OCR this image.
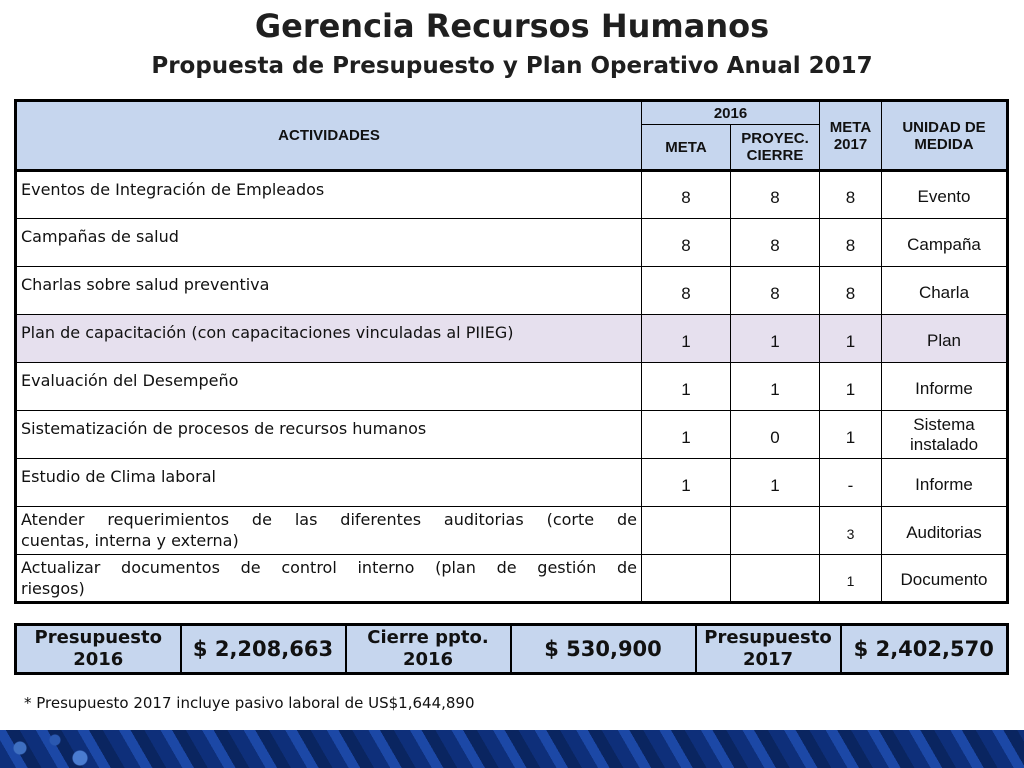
Gerencia Recursos Humanos
Propuesta de Presupuesto y Plan Operativo Anual 2017
ACTIVIDADES	2016		META 2017	UNIDAD DE MEDIDA
	META	PROYEC. CIERRE		
Eventos de Integración de Empleados	8	8	8	Evento
Campañas de salud	8	8	8	Campaña
Charlas sobre salud preventiva	8	8	8	Charla
Plan de capacitación (con capacitaciones vinculadas al PIIEG)	1	1	1	Plan
Evaluación del Desempeño	1	1	1	Informe
Sistematización de procesos de recursos humanos	1	0	1	Sistema instalado
Estudio de Clima laboral	1	1	-	Informe

Atender requerimientos de las diferentes auditorias (corte de
cuentas, interna y externa)			3	Auditorias

Actualizar documentos de control interno (plan de gestión de
riesgos)			1	Documento
Presupuesto 2016	$ 2,208,663	Cierre ppto. 2016	$ 530,900	Presupuesto 2017	$ 2,402,570
* Presupuesto 2017 incluye pasivo laboral de US$1,644,890
